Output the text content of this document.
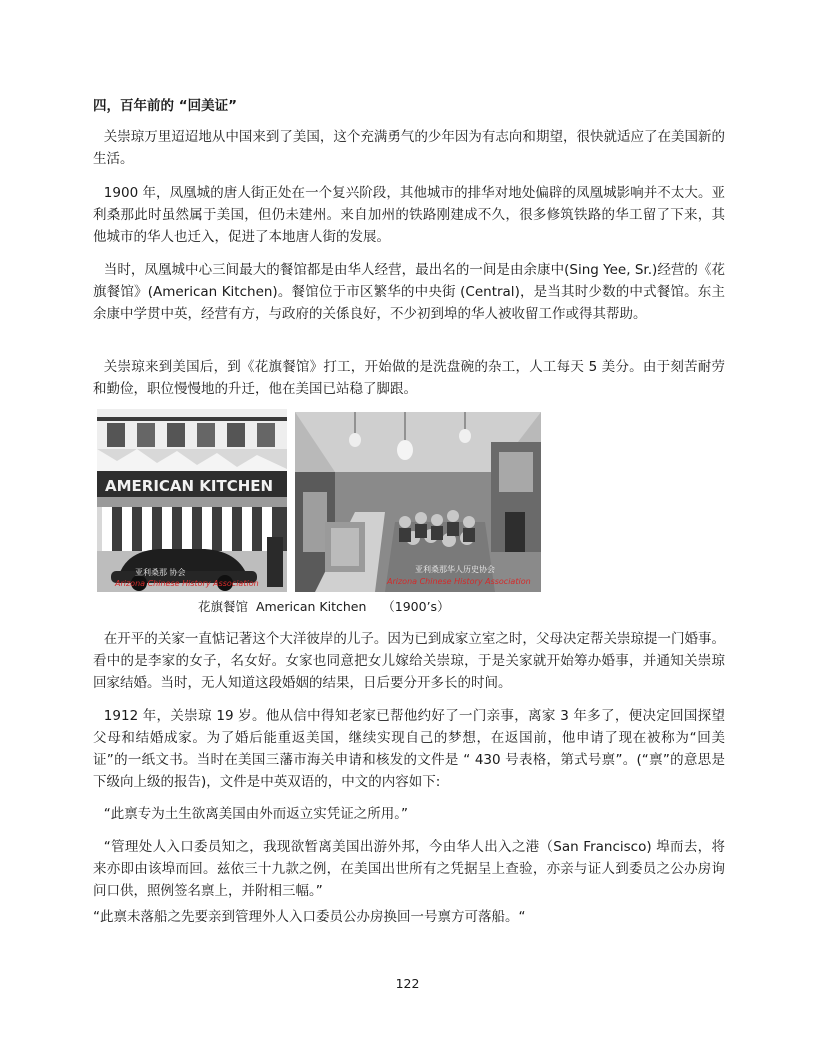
四，百年前的 “回美证”

关崇琼万里迢迢地从中国来到了美国，这个充满勇气的少年因为有志向和期望，很快就适应了在美国新的生活。

1900 年，凤凰城的唐人街正处在一个复兴阶段，其他城市的排华对地处偏辟的凤凰城影响并不太大。亚利桑那此时虽然属于美国，但仍未建州。来自加州的铁路刚建成不久，很多修筑铁路的华工留了下来，其他城市的华人也迁入，促进了本地唐人街的发展。

当时，凤凰城中心三间最大的餐馆都是由华人经营，最出名的一间是由余康中(Sing Yee, Sr.)经营的《花旗餐馆》(American Kitchen)。餐馆位于市区繁华的中央街 (Central)，是当其时少数的中式餐馆。东主余康中学贯中英，经营有方，与政府的关係良好，不少初到埠的华人被收留工作或得其帮助。

关崇琼来到美国后，到《花旗餐馆》打工，开始做的是洗盘碗的杂工，人工每天 5 美分。由于刻苦耐劳和勤俭，职位慢慢地的升迁，他在美国已站稳了脚跟。

AMERICAN KITCHEN
亚利桑那 协会
Arizona Chinese History Association
亚利桑那华人历史协会
Arizona Chinese History Association
花旗餐馆  American Kitchen    （1900’s）

在开平的关家一直惦记著这个大洋彼岸的儿子。因为已到成家立室之时，父母决定帮关崇琼提一门婚事。看中的是李家的女子，名女好。女家也同意把女儿嫁给关崇琼，于是关家就开始筹办婚事，并通知关崇琼回家结婚。当时，无人知道这段婚姻的结果，日后要分开多长的时间。

1912 年，关崇琼 19 岁。他从信中得知老家已帮他约好了一门亲事，离家 3 年多了，便决定回国探望父母和结婚成家。为了婚后能重返美国，继续实现自己的梦想，在返国前，他申请了现在被称为“回美证”的一纸文书。当时在美国三藩市海关申请和核发的文件是 “ 430 号表格，第式号禀”。(“禀”的意思是下级向上级的报告)，文件是中英双语的，中文的内容如下:

“此禀专为土生欲离美国由外而返立实凭证之所用。”

“管理处人入口委员知之，我现欲暂离美国出游外邦，今由华人出入之港（San Francisco) 埠而去，将来亦即由该埠而回。兹依三十九款之例，在美国出世所有之凭据呈上查验，亦亲与证人到委员之公办房询问口供，照例签名禀上，并附相三幅。”

“此禀未落船之先要亲到管理外人入口委员公办房换回一号禀方可落船。“

122
